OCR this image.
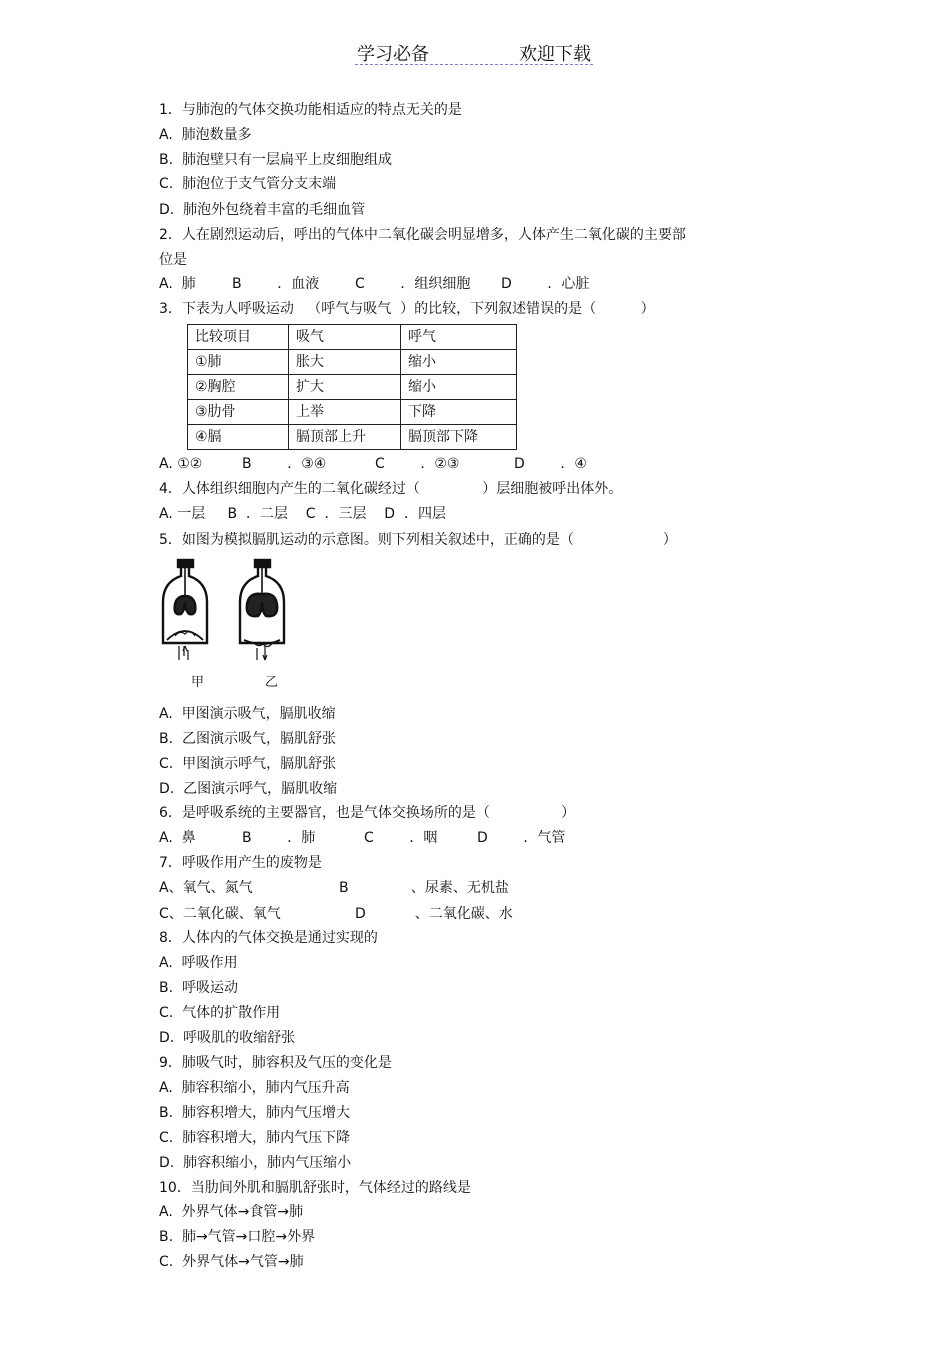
学习必备	欢迎下载
1．与肺泡的气体交换功能相适应的特点无关的是
A.  肺泡数量多
B.  肺泡壁只有一层扁平上皮细胞组成
C.  肺泡位于支气管分支末端
D.  肺泡外包绕着丰富的毛细血管
2．人在剧烈运动后，呼出的气体中二氧化碳会明显增多，人体产生二氧化碳的主要部
位是
A.  肺	B        ．血液	C        ．组织细胞 D        ．心脏
3．下表为人呼吸运动   （呼气与吸气  ）的比较，下列叙述错误的是（          ）
比较项目	吸气	呼气
①肺	胀大	缩小
②胸腔	扩大	缩小
③肋骨	上举	下降
④膈	膈顶部上升	膈顶部下降
A. ①②	B        ．③④	C        ．②③	D        ．④
4．人体组织细胞内产生的二氧化碳经过（              ）层细胞被呼出体外。
A. 一层     B  ．二层    C  ．三层    D  ．四层
5．如图为模拟膈肌运动的示意图。则下列相关叙述中，正确的是（                    ）
甲	乙
A.  甲图演示吸气，膈肌收缩
B.  乙图演示吸气，膈肌舒张
C.  甲图演示呼气，膈肌舒张
D.  乙图演示呼气，膈肌收缩
6．是呼吸系统的主要器官，也是气体交换场所的是（                ）
A.  鼻	B        ．肺	C        ．咽	D        ．气管
7．呼吸作用产生的废物是
A、氧气、氮气	B              、尿素、无机盐
C、二氧化碳、氧气	D           、二氧化碳、水
8．人体内的气体交换是通过实现的
A.  呼吸作用
B.  呼吸运动
C.  气体的扩散作用
D.  呼吸肌的收缩舒张
9．肺吸气时，肺容积及气压的变化是
A.  肺容积缩小，肺内气压升高
B.  肺容积增大，肺内气压增大
C.  肺容积增大，肺内气压下降
D.  肺容积缩小，肺内气压缩小
10．当肋间外肌和膈肌舒张时，气体经过的路线是
A.  外界气体→食管→肺
B.  肺→气管→口腔→外界
C.  外界气体→气管→肺
